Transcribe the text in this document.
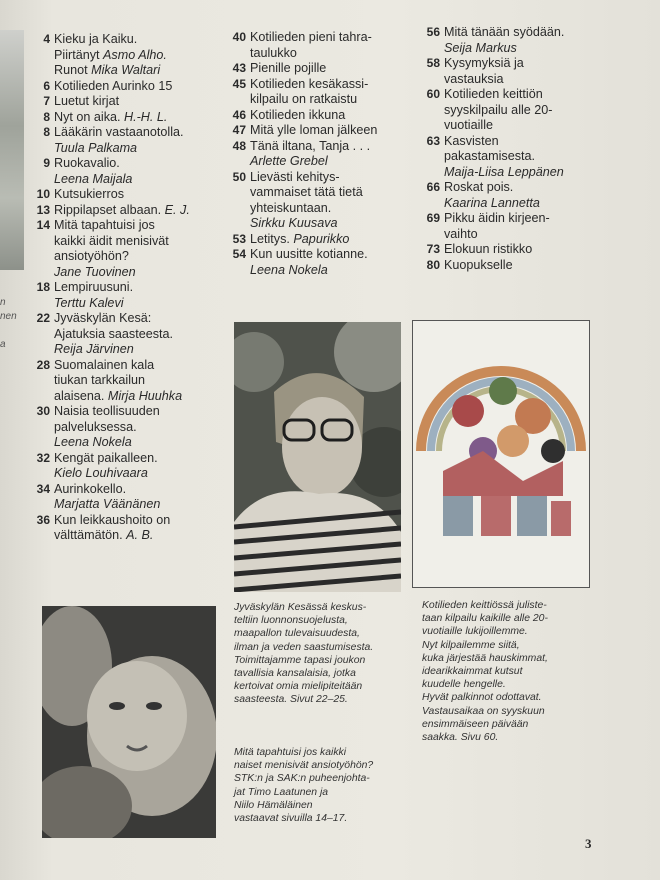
n
nen
a
4 Kieku ja Kaiku.
Piirtänyt Asmo Alho.
Runot Mika Waltari
6 Kotilieden Aurinko 15
7 Luetut kirjat
8 Nyt on aika. H.-H. L.
8 Lääkärin vastaanotolla.
Tuula Palkama
9 Ruokavalio.
Leena Maijala
10 Kutsukierros
13 Rippilapset albaan. E. J.
14 Mitä tapahtuisi jos
kaikki äidit menisivät
ansiotyöhön?
Jane Tuovinen
18 Lempiruusuni.
Terttu Kalevi
22 Jyväskylän Kesä:
Ajatuksia saasteesta.
Reija Järvinen
28 Suomalainen kala
tiukan tarkkailun
alaisena. Mirja Huuhka
30 Naisia teollisuuden
palveluksessa.
Leena Nokela
32 Kengät paikalleen.
Kielo Louhivaara
34 Aurinkokello.
Marjatta Väänänen
36 Kun leikkaushoito on
välttämätön. A. B.
40 Kotilieden pieni tahra-
taulukko
43 Pienille pojille
45 Kotilieden kesäkassi-
kilpailu on ratkaistu
46 Kotilieden ikkuna
47 Mitä ylle loman jälkeen
48 Tänä iltana, Tanja . . .
Arlette Grebel
50 Lievästi kehitys-
vammaiset tätä tietä
yhteiskuntaan.
Sirkku Kuusava
53 Letitys. Papurikko
54 Kun uusitte kotianne.
Leena Nokela
56 Mitä tänään syödään.
Seija Markus
58 Kysymyksiä ja
vastauksia
60 Kotilieden keittiön
syyskilpailu alle 20-
vuotiaille
63 Kasvisten
pakastamisesta.
Maija-Liisa Leppänen
66 Roskat pois.
Kaarina Lannetta
69 Pikku äidin kirjeen-
vaihto
73 Elokuun ristikko
80 Kuopukselle
Jyväskylän Kesässä keskus-
teltiin luonnonsuojelusta,
maapallon tulevaisuudesta,
ilman ja veden saastumisesta.
Toimittajamme tapasi joukon
tavallisia kansalaisia, jotka
kertoivat omia mielipiteitään
saasteesta. Sivut 22–25.
Mitä tapahtuisi jos kaikki
naiset menisivät ansiotyöhön?
STK:n ja SAK:n puheenjohta-
jat Timo Laatunen ja
Niilo Hämäläinen
vastaavat sivuilla 14–17.
Kotilieden keittiössä juliste-
taan kilpailu kaikille alle 20-
vuotiaille lukijoillemme.
Nyt kilpailemme siitä,
kuka järjestää hauskimmat,
idearikkaimmat kutsut
kuudelle hengelle.
Hyvät palkinnot odottavat.
Vastausaikaa on syyskuun
ensimmäiseen päivään
saakka. Sivu 60.
3
